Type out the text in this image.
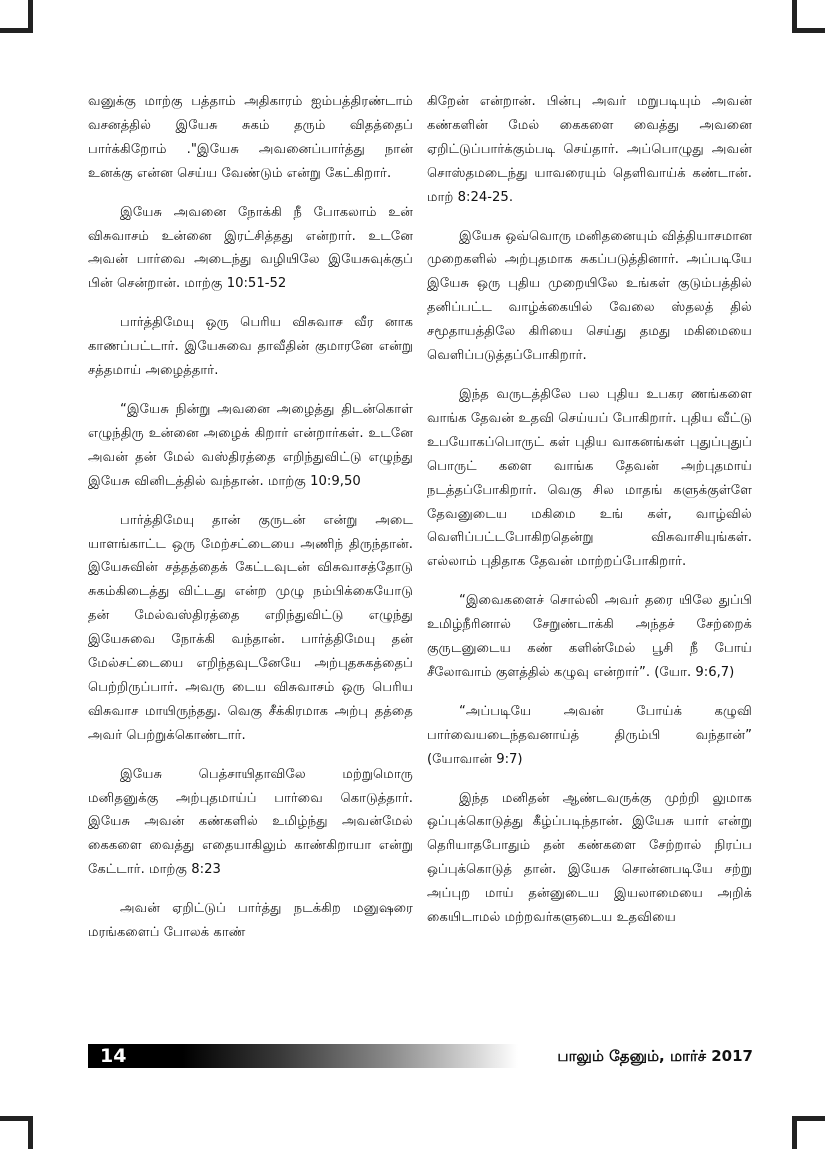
வனுக்கு மாற்கு பத்தாம் அதிகாரம் ஐம்பத்திரண்டாம் வசனத்தில் இயேசு சுகம் தரும் விதத்தைப் பார்க்கிறோம் ."இயேசு அவனைப்பார்த்து நான் உனக்கு என்ன செய்ய வேண்டும் என்று கேட்கிறார்.

இயேசு அவனை நோக்கி நீ போகலாம் உன் விசுவாசம் உன்னை இரட்சித்தது என்றார். உடனே அவன் பார்வை அடைந்து வழியிலே இயேசுவுக்குப் பின் சென்றான். மாற்கு 10:51-52

பார்த்திமேயு ஒரு பெரிய விசுவாச வீர னாக காணப்பட்டார். இயேசுவை தாவீதின் குமாரனே என்று சத்தமாய் அழைத்தார்.

“இயேசு நின்று அவனை அழைத்து திடன்கொள் எழுந்திரு உன்னை அழைக் கிறார் என்றார்கள். உடனே அவன் தன் மேல் வஸ்திரத்தை எறிந்துவிட்டு எழுந்து இயேசு வினிடத்தில் வந்தான். மாற்கு 10:9,50

பார்த்திமேயு தான் குருடன் என்று அடை யாளங்காட்ட ஒரு மேற்சட்டையை அணிந் திருந்தான். இயேசுவின் சத்தத்தைக் கேட்டவுடன் விசுவாசத்தோடு சுகம்கிடைத்து விட்டது என்ற முழு நம்பிக்கையோடு தன் மேல்வஸ்திரத்தை எறிந்துவிட்டு எழுந்து இயேசுவை நோக்கி வந்தான். பார்த்திமேயு தன் மேல்சட்டையை எறிந்தவுடனேயே அற்புதசுகத்தைப் பெற்றிருப்பார். அவரு டைய விசுவாசம் ஒரு பெரிய விசுவாச மாயிருந்தது. வெகு சீக்கிரமாக அற்பு தத்தை அவர் பெற்றுக்கொண்டார்.

இயேசு பெத்சாயிதாவிலே மற்றுமொரு மனிதனுக்கு அற்புதமாய்ப் பார்வை கொடுத்தார். இயேசு அவன் கண்களில் உமிழ்ந்து அவன்மேல் கைகளை வைத்து எதையாகிலும் காண்கிறாயா என்று கேட்டார். மாற்கு 8:23

அவன் ஏறிட்டுப் பார்த்து நடக்கிற மனுஷரை மரங்களைப் போலக் காண்

கிறேன் என்றான். பின்பு அவர் மறுபடியும் அவன் கண்களின் மேல் கைகளை வைத்து அவனை ஏறிட்டுப்பார்க்கும்படி செய்தார். அப்பொழுது அவன் சொஸ்தமடைந்து யாவரையும் தெளிவாய்க் கண்டான். மாற் 8:24-25.

இயேசு ஒவ்வொரு மனிதனையும் வித்தியாசமான முறைகளில் அற்புதமாக சுகப்படுத்தினார். அப்படியே இயேசு ஒரு புதிய முறையிலே உங்கள் குடும்பத்தில் தனிப்பட்ட வாழ்க்கையில் வேலை ஸ்தலத் தில் சமூதாயத்திலே கிரியை செய்து தமது மகிமையை வெளிப்படுத்தப்போகிறார்.

இந்த வருடத்திலே பல புதிய உபகர ணங்களை வாங்க தேவன் உதவி செய்யப் போகிறார். புதிய வீட்டு உபயோகப்பொருட் கள் புதிய வாகனங்கள் புதுப்புதுப் பொருட் களை வாங்க தேவன் அற்புதமாய் நடத்தப்போகிறார். வெகு சில மாதங் களுக்குள்ளே தேவனுடைய மகிமை உங் கள், வாழ்வில் வெளிப்பட்டபோகிறதென்று விசுவாசியுங்கள். எல்லாம் புதிதாக தேவன் மாற்றப்போகிறார்.

“இவைகளைச் சொல்லி அவர் தரை யிலே துப்பி உமிழ்நீரினால் சேறுண்டாக்கி அந்தச் சேற்றைக் குருடனுடைய கண் களின்மேல் பூசி நீ போய் சீலோவாம் குளத்தில் கழுவு என்றார்”. (யோ. 9:6,7)

“அப்படியே அவன் போய்க் கழுவி பார்வையடைந்தவனாய்த் திரும்பி வந்தான்” (யோவான் 9:7)

இந்த மனிதன் ஆண்டவருக்கு முற்றி லுமாக ஒப்புக்கொடுத்து கீழ்ப்படிந்தான். இயேசு யார் என்று தெரியாதபோதும் தன் கண்களை சேற்றால் நிரப்ப ஒப்புக்கொடுத் தான். இயேசு சொன்னபடியே சற்று அப்புற மாய் தன்னுடைய இயலாமையை அறிக் கையிடாமல் மற்றவர்களுடைய உதவியை

14	பாலும் தேனும், மார்ச் 2017
